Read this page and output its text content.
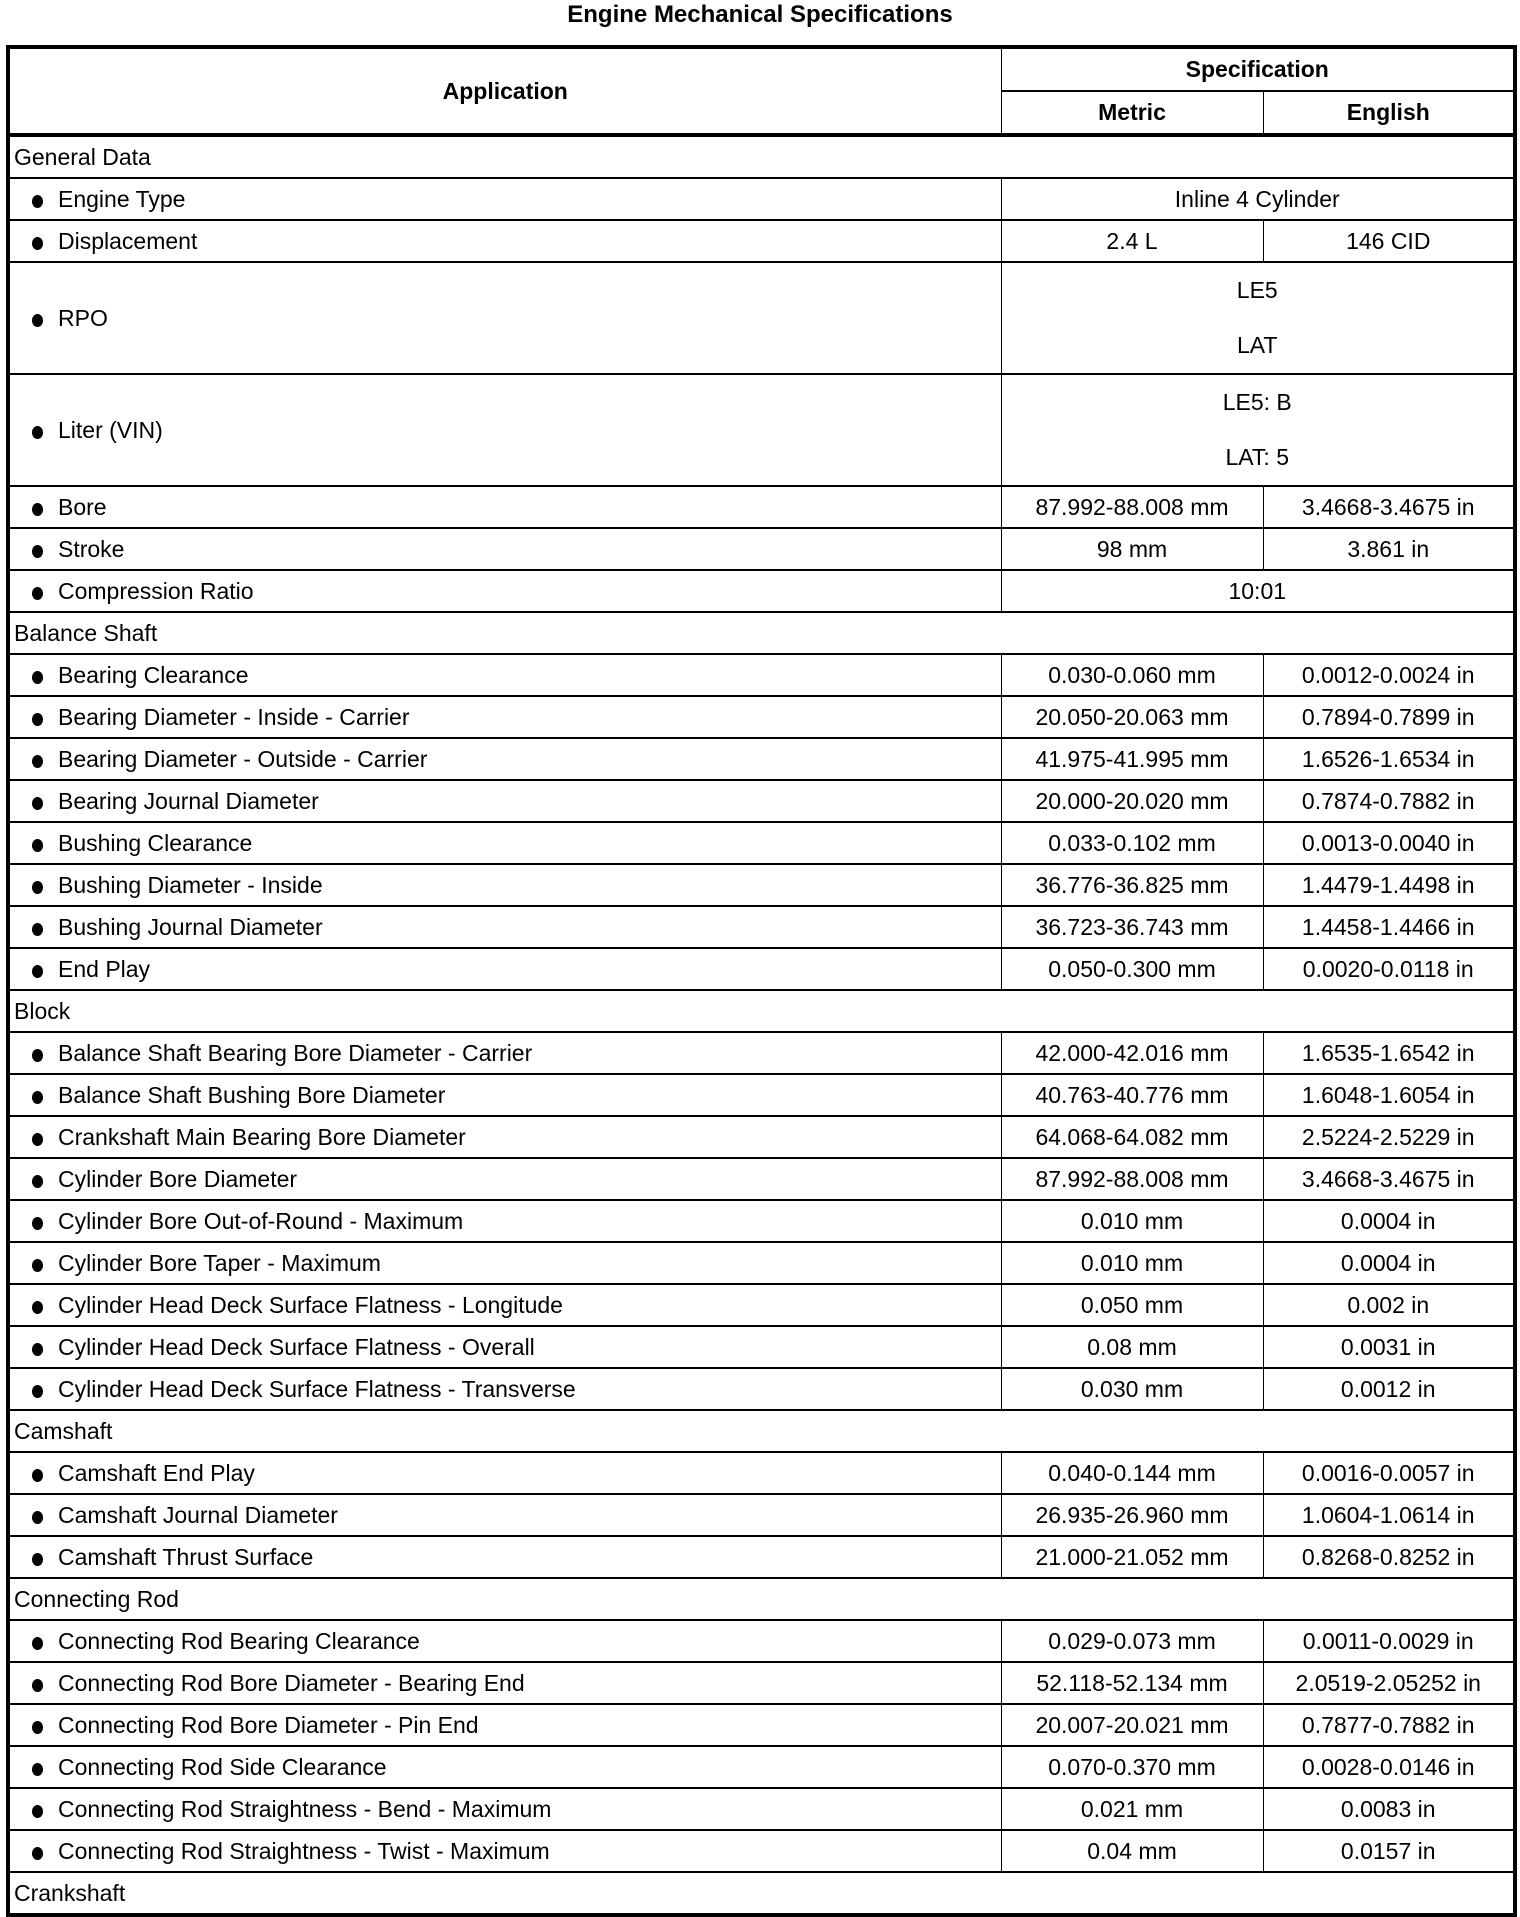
Engine Mechanical Specifications
Application	Specification	
	Metric	English
General Data		
Engine Type	Inline 4 Cylinder	

Displacement	2.4 L	146 CID
RPO	LE5
LAT	

Liter (VIN)	LE5: B
LAT: 5	

Bore	87.992-88.008 mm	3.4668-3.4675 in
Stroke	98 mm	3.861 in
Compression Ratio	10:01	

Balance Shaft		
Bearing Clearance	0.030-0.060 mm	0.0012-0.0024 in
Bearing Diameter - Inside - Carrier	20.050-20.063 mm	0.7894-0.7899 in
Bearing Diameter - Outside - Carrier	41.975-41.995 mm	1.6526-1.6534 in
Bearing Journal Diameter	20.000-20.020 mm	0.7874-0.7882 in
Bushing Clearance	0.033-0.102 mm	0.0013-0.0040 in
Bushing Diameter - Inside	36.776-36.825 mm	1.4479-1.4498 in
Bushing Journal Diameter	36.723-36.743 mm	1.4458-1.4466 in
End Play	0.050-0.300 mm	0.0020-0.0118 in
Block		
Balance Shaft Bearing Bore Diameter - Carrier	42.000-42.016 mm	1.6535-1.6542 in
Balance Shaft Bushing Bore Diameter	40.763-40.776 mm	1.6048-1.6054 in
Crankshaft Main Bearing Bore Diameter	64.068-64.082 mm	2.5224-2.5229 in
Cylinder Bore Diameter	87.992-88.008 mm	3.4668-3.4675 in
Cylinder Bore Out-of-Round - Maximum	0.010 mm	0.0004 in
Cylinder Bore Taper - Maximum	0.010 mm	0.0004 in
Cylinder Head Deck Surface Flatness - Longitude	0.050 mm	0.002 in
Cylinder Head Deck Surface Flatness - Overall	0.08 mm	0.0031 in
Cylinder Head Deck Surface Flatness - Transverse	0.030 mm	0.0012 in
Camshaft		
Camshaft End Play	0.040-0.144 mm	0.0016-0.0057 in
Camshaft Journal Diameter	26.935-26.960 mm	1.0604-1.0614 in
Camshaft Thrust Surface	21.000-21.052 mm	0.8268-0.8252 in
Connecting Rod		
Connecting Rod Bearing Clearance	0.029-0.073 mm	0.0011-0.0029 in
Connecting Rod Bore Diameter - Bearing End	52.118-52.134 mm	2.0519-2.05252 in
Connecting Rod Bore Diameter - Pin End	20.007-20.021 mm	0.7877-0.7882 in
Connecting Rod Side Clearance	0.070-0.370 mm	0.0028-0.0146 in
Connecting Rod Straightness - Bend - Maximum	0.021 mm	0.0083 in
Connecting Rod Straightness - Twist - Maximum	0.04 mm	0.0157 in
Crankshaft		
